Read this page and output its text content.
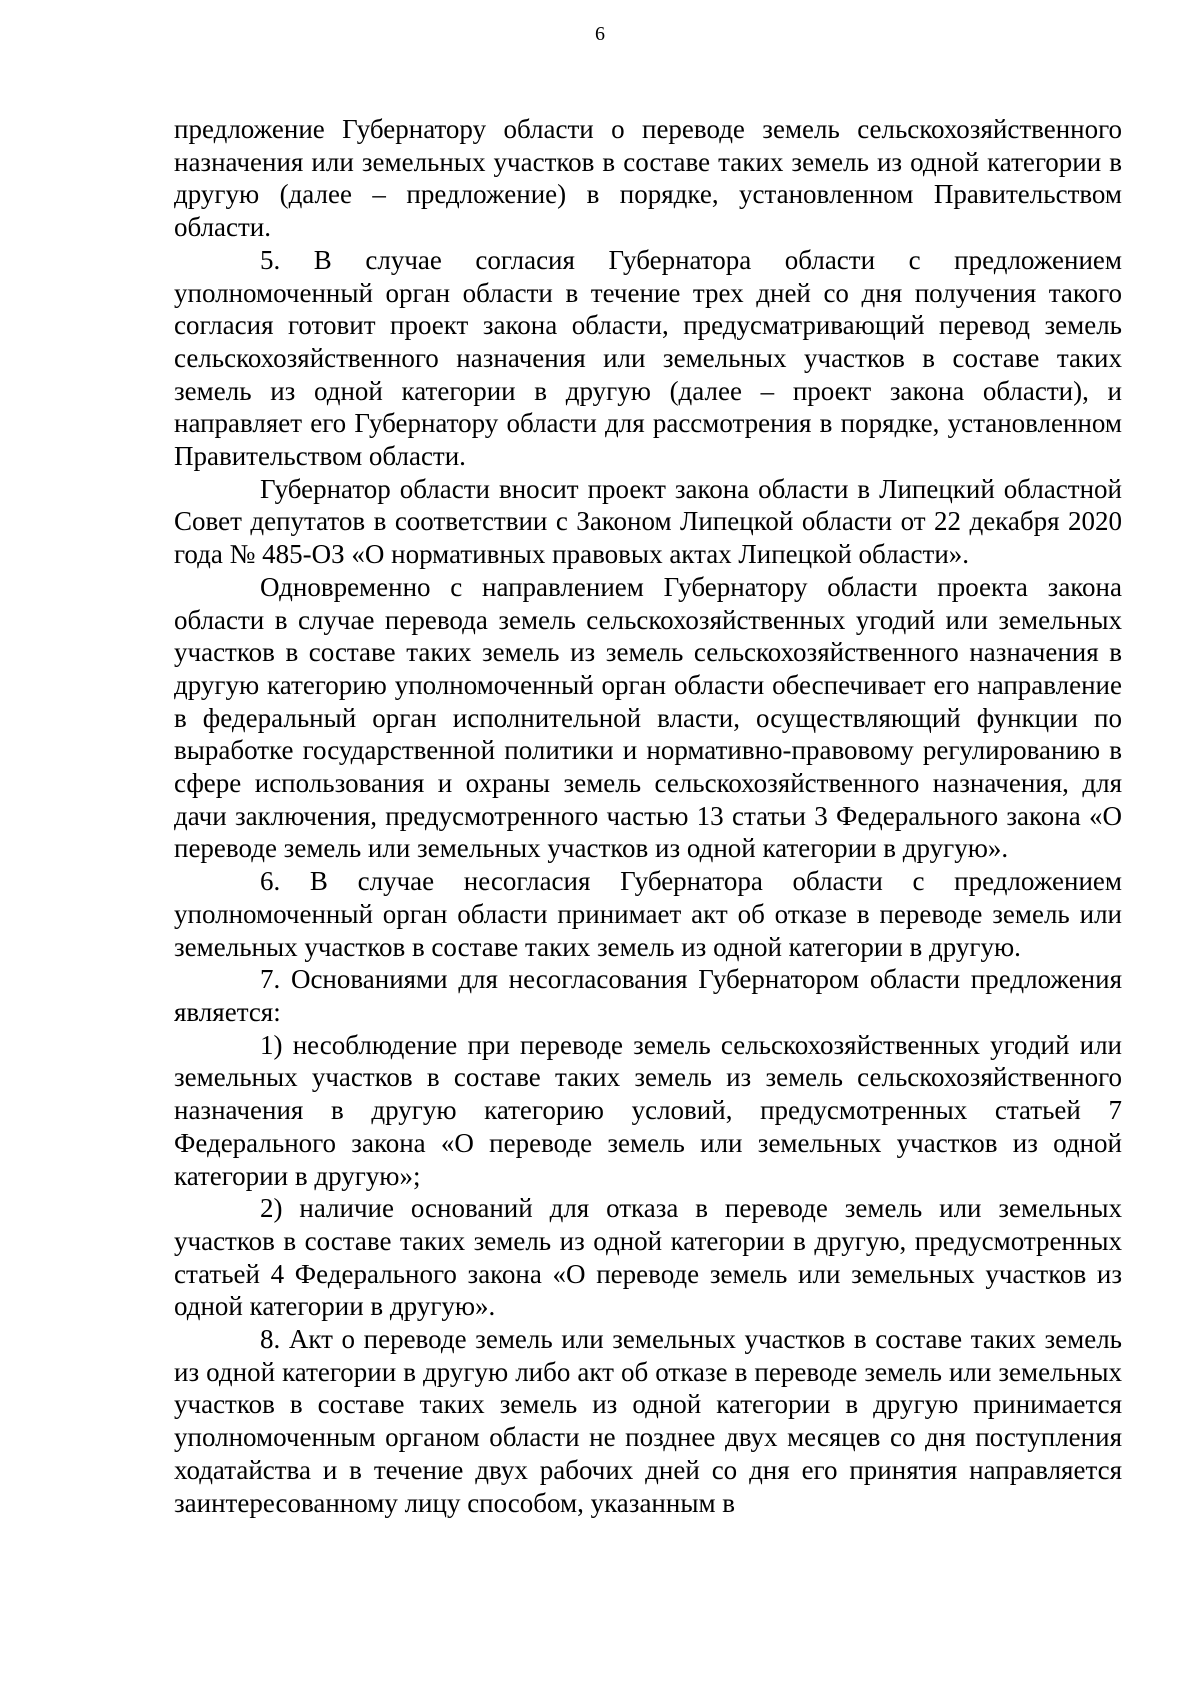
6

предложение Губернатору области о переводе земель сельскохозяйственного назначения или земельных участков в составе таких земель из одной категории в другую (далее – предложение) в порядке, установленном Правительством области.

5. В случае согласия Губернатора области с предложением уполномоченный орган области в течение трех дней со дня получения такого согласия готовит проект закона области, предусматривающий перевод земель сельскохозяйственного назначения или земельных участков в составе таких земель из одной категории в другую (далее – проект закона области), и направляет его Губернатору области для рассмотрения в порядке, установленном Правительством области.

Губернатор области вносит проект закона области в Липецкий областной Совет депутатов в соответствии с Законом Липецкой области от 22 декабря 2020 года № 485-ОЗ «О нормативных правовых актах Липецкой области».

Одновременно с направлением Губернатору области проекта закона области в случае перевода земель сельскохозяйственных угодий или земельных участков в составе таких земель из земель сельскохозяйственного назначения в другую категорию уполномоченный орган области обеспечивает его направление в федеральный орган исполнительной власти, осуществляющий функции по выработке государственной политики и нормативно-правовому регулированию в сфере использования и охраны земель сельскохозяйственного назначения, для дачи заключения, предусмотренного частью 13 статьи 3 Федерального закона «О переводе земель или земельных участков из одной категории в другую».

6. В случае несогласия Губернатора области с предложением уполномоченный орган области принимает акт об отказе в переводе земель или земельных участков в составе таких земель из одной категории в другую.

7. Основаниями для несогласования Губернатором области предложения является:

1) несоблюдение при переводе земель сельскохозяйственных угодий или земельных участков в составе таких земель из земель сельскохозяйственного назначения в другую категорию условий, предусмотренных статьей 7 Федерального закона «О переводе земель или земельных участков из одной категории в другую»;

2) наличие оснований для отказа в переводе земель или земельных участков в составе таких земель из одной категории в другую, предусмотренных статьей 4 Федерального закона «О переводе земель или земельных участков из одной категории в другую».

8. Акт о переводе земель или земельных участков в составе таких земель из одной категории в другую либо акт об отказе в переводе земель или земельных участков в составе таких земель из одной категории в другую принимается уполномоченным органом области не позднее двух месяцев со дня поступления ходатайства и в течение двух рабочих дней со дня его принятия направляется заинтересованному лицу способом, указанным в
